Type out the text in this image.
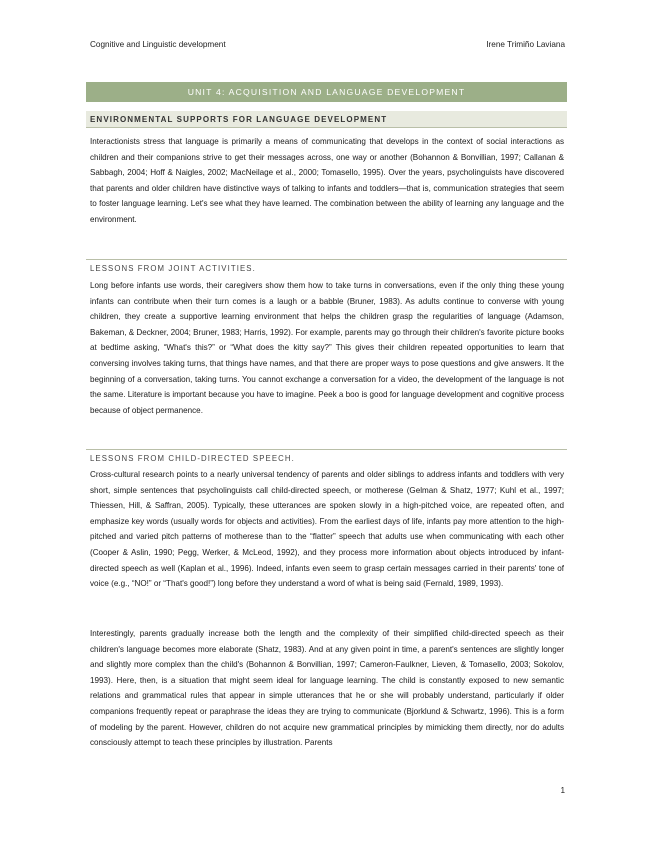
Cognitive and Linguistic development	Irene Trimiño Laviana
UNIT 4: ACQUISITION AND LANGUAGE DEVELOPMENT
ENVIRONMENTAL SUPPORTS FOR LANGUAGE DEVELOPMENT

Interactionists stress that language is primarily a means of communicating that develops in the context of social interactions as children and their companions strive to get their messages across, one way or another (Bohannon & Bonvillian, 1997; Callanan & Sabbagh, 2004; Hoff & Naigles, 2002; MacNeilage et al., 2000; Tomasello, 1995). Over the years, psycholinguists have discovered that parents and older children have distinctive ways of talking to infants and toddlers—that is, communication strategies that seem to foster language learning. Let's see what they have learned. The combination between the ability of learning any language and the environment.

LESSONS FROM JOINT ACTIVITIES.

Long before infants use words, their caregivers show them how to take turns in conversations, even if the only thing these young infants can contribute when their turn comes is a laugh or a babble (Bruner, 1983). As adults continue to converse with young children, they create a supportive learning environment that helps the children grasp the regularities of language (Adamson, Bakeman, & Deckner, 2004; Bruner, 1983; Harris, 1992). For example, parents may go through their children's favorite picture books at bedtime asking, “What's this?” or “What does the kitty say?” This gives their children repeated opportunities to learn that conversing involves taking turns, that things have names, and that there are proper ways to pose questions and give answers. It the beginning of a conversation, taking turns. You cannot exchange a conversation for a video, the development of the language is not the same. Literature is important because you have to imagine. Peek a boo is good for language development and cognitive process because of object permanence.

LESSONS FROM CHILD-DIRECTED SPEECH.

Cross-cultural research points to a nearly universal tendency of parents and older siblings to address infants and toddlers with very short, simple sentences that psycholinguists call child-directed speech, or motherese (Gelman & Shatz, 1977; Kuhl et al., 1997; Thiessen, Hill, & Saffran, 2005). Typically, these utterances are spoken slowly in a high-pitched voice, are repeated often, and emphasize key words (usually words for objects and activities). From the earliest days of life, infants pay more attention to the high-pitched and varied pitch patterns of motherese than to the “flatter” speech that adults use when communicating with each other (Cooper & Aslin, 1990; Pegg, Werker, & McLeod, 1992), and they process more information about objects introduced by infant-directed speech as well (Kaplan et al., 1996). Indeed, infants even seem to grasp certain messages carried in their parents' tone of voice (e.g., “NO!” or “That's good!”) long before they understand a word of what is being said (Fernald, 1989, 1993).

Interestingly, parents gradually increase both the length and the complexity of their simplified child-directed speech as their children's language becomes more elaborate (Shatz, 1983). And at any given point in time, a parent's sentences are slightly longer and slightly more complex than the child's (Bohannon & Bonvillian, 1997; Cameron-Faulkner, Lieven, & Tomasello, 2003; Sokolov, 1993). Here, then, is a situation that might seem ideal for language learning. The child is constantly exposed to new semantic relations and grammatical rules that appear in simple utterances that he or she will probably understand, particularly if older companions frequently repeat or paraphrase the ideas they are trying to communicate (Bjorklund & Schwartz, 1996). This is a form of modeling by the parent. However, children do not acquire new grammatical principles by mimicking them directly, nor do adults consciously attempt to teach these principles by illustration. Parents

1
